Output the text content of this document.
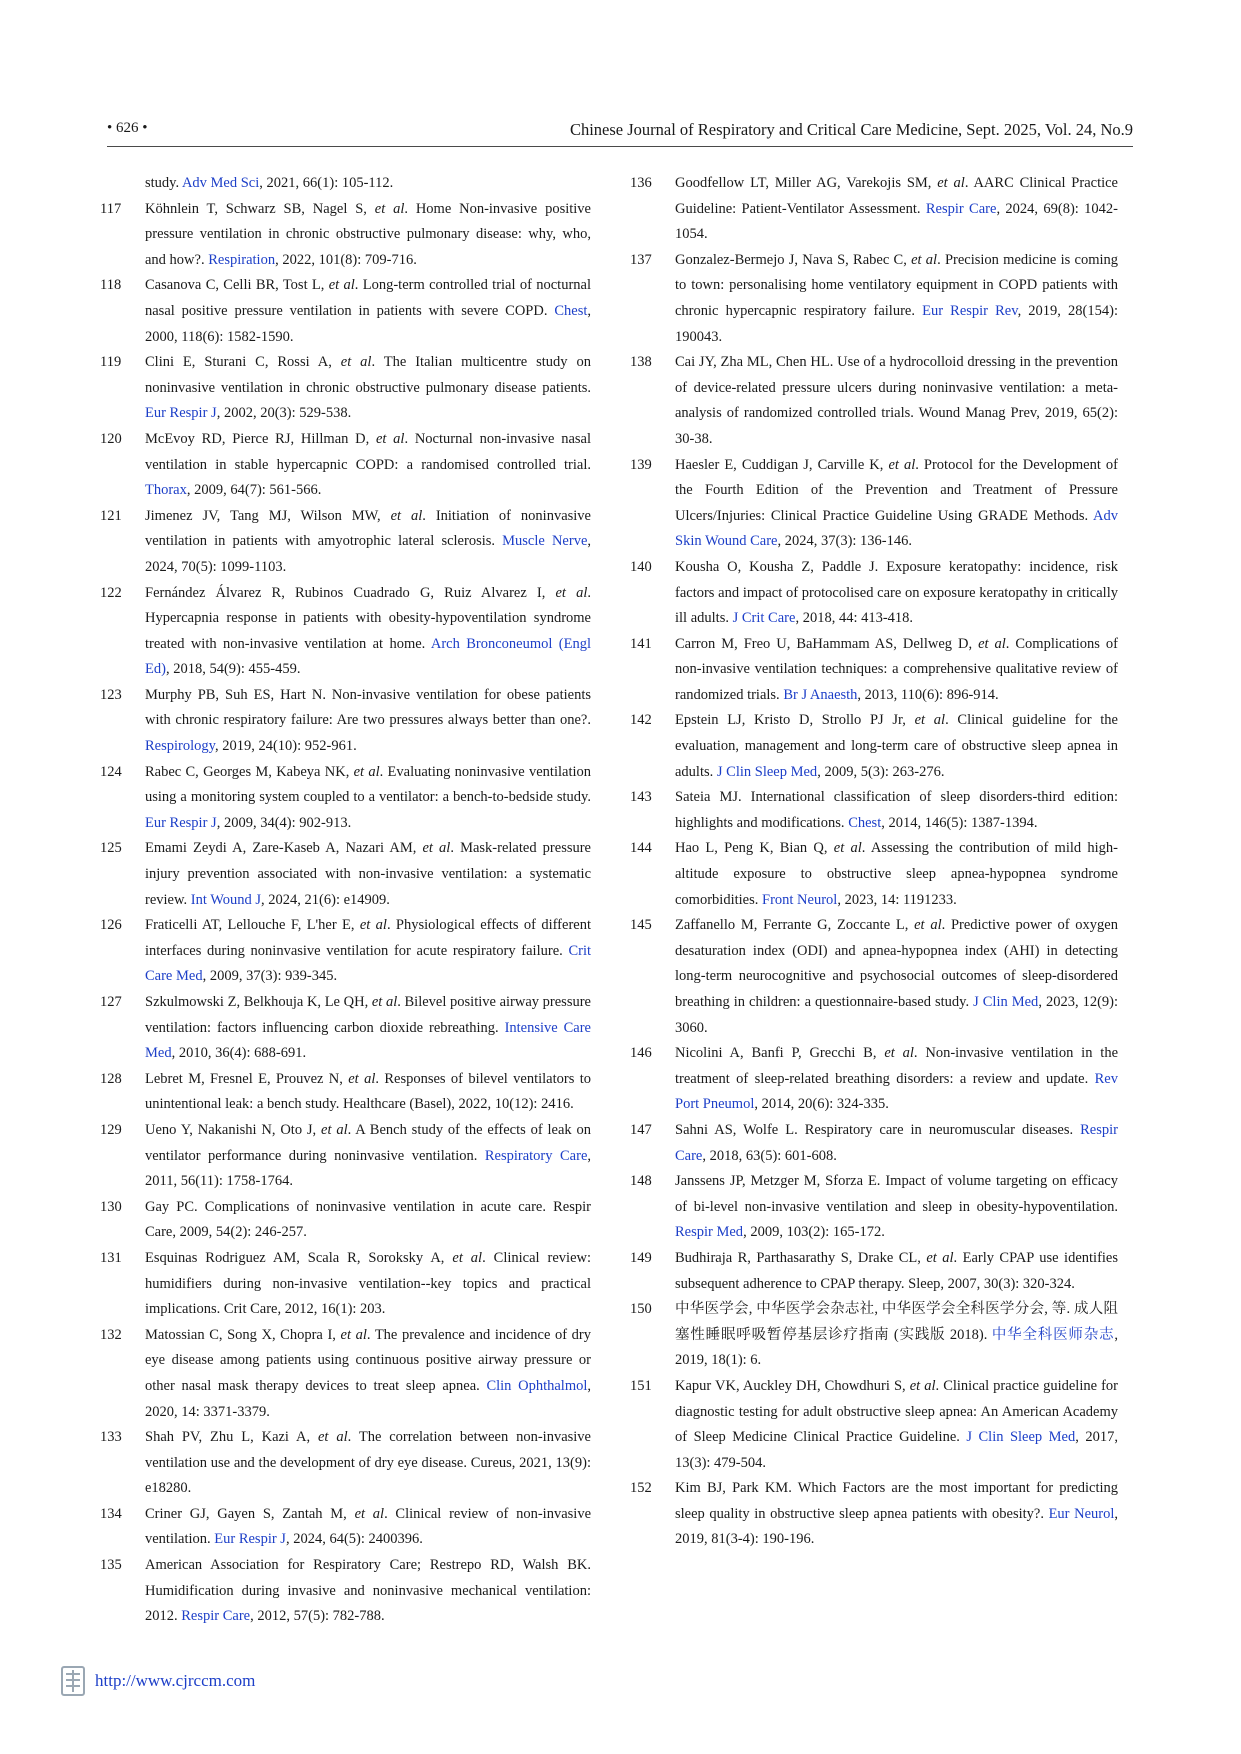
• 626 •	Chinese Journal of Respiratory and Critical Care Medicine, Sept. 2025, Vol. 24, No.9
study. Adv Med Sci, 2021, 66(1): 105-112.
117	Köhnlein T, Schwarz SB, Nagel S, et al. Home Non-invasive positive pressure ventilation in chronic obstructive pulmonary disease: why, who, and how?. Respiration, 2022, 101(8): 709-716.
118	Casanova C, Celli BR, Tost L, et al. Long-term controlled trial of nocturnal nasal positive pressure ventilation in patients with severe COPD. Chest, 2000, 118(6): 1582-1590.
119	Clini E, Sturani C, Rossi A, et al. The Italian multicentre study on noninvasive ventilation in chronic obstructive pulmonary disease patients. Eur Respir J, 2002, 20(3): 529-538.
120	McEvoy RD, Pierce RJ, Hillman D, et al. Nocturnal non-invasive nasal ventilation in stable hypercapnic COPD: a randomised controlled trial. Thorax, 2009, 64(7): 561-566.
121	Jimenez JV, Tang MJ, Wilson MW, et al. Initiation of noninvasive ventilation in patients with amyotrophic lateral sclerosis. Muscle Nerve, 2024, 70(5): 1099-1103.
122	Fernández Álvarez R, Rubinos Cuadrado G, Ruiz Alvarez I, et al. Hypercapnia response in patients with obesity-hypoventilation syndrome treated with non-invasive ventilation at home. Arch Bronconeumol (Engl Ed), 2018, 54(9): 455-459.
123	Murphy PB, Suh ES, Hart N. Non-invasive ventilation for obese patients with chronic respiratory failure: Are two pressures always better than one?. Respirology, 2019, 24(10): 952-961.
124	Rabec C, Georges M, Kabeya NK, et al. Evaluating noninvasive ventilation using a monitoring system coupled to a ventilator: a bench-to-bedside study. Eur Respir J, 2009, 34(4): 902-913.
125	Emami Zeydi A, Zare-Kaseb A, Nazari AM, et al. Mask-related pressure injury prevention associated with non-invasive ventilation: a systematic review. Int Wound J, 2024, 21(6): e14909.
126	Fraticelli AT, Lellouche F, L'her E, et al. Physiological effects of different interfaces during noninvasive ventilation for acute respiratory failure. Crit Care Med, 2009, 37(3): 939-345.
127	Szkulmowski Z, Belkhouja K, Le QH, et al. Bilevel positive airway pressure ventilation: factors influencing carbon dioxide rebreathing. Intensive Care Med, 2010, 36(4): 688-691.
128	Lebret M, Fresnel E, Prouvez N, et al. Responses of bilevel ventilators to unintentional leak: a bench study. Healthcare (Basel), 2022, 10(12): 2416.
129	Ueno Y, Nakanishi N, Oto J, et al. A Bench study of the effects of leak on ventilator performance during noninvasive ventilation. Respiratory Care, 2011, 56(11): 1758-1764.
130	Gay PC. Complications of noninvasive ventilation in acute care. Respir Care, 2009, 54(2): 246-257.
131	Esquinas Rodriguez AM, Scala R, Soroksky A, et al. Clinical review: humidifiers during non-invasive ventilation--key topics and practical implications. Crit Care, 2012, 16(1): 203.
132	Matossian C, Song X, Chopra I, et al. The prevalence and incidence of dry eye disease among patients using continuous positive airway pressure or other nasal mask therapy devices to treat sleep apnea. Clin Ophthalmol, 2020, 14: 3371-3379.
133	Shah PV, Zhu L, Kazi A, et al. The correlation between non-invasive ventilation use and the development of dry eye disease. Cureus, 2021, 13(9): e18280.
134	Criner GJ, Gayen S, Zantah M, et al. Clinical review of non-invasive ventilation. Eur Respir J, 2024, 64(5): 2400396.
135	American Association for Respiratory Care; Restrepo RD, Walsh BK. Humidification during invasive and noninvasive mechanical ventilation: 2012. Respir Care, 2012, 57(5): 782-788.
136	Goodfellow LT, Miller AG, Varekojis SM, et al. AARC Clinical Practice Guideline: Patient-Ventilator Assessment. Respir Care, 2024, 69(8): 1042-1054.
137	Gonzalez-Bermejo J, Nava S, Rabec C, et al. Precision medicine is coming to town: personalising home ventilatory equipment in COPD patients with chronic hypercapnic respiratory failure. Eur Respir Rev, 2019, 28(154): 190043.
138	Cai JY, Zha ML, Chen HL. Use of a hydrocolloid dressing in the prevention of device-related pressure ulcers during noninvasive ventilation: a meta-analysis of randomized controlled trials. Wound Manag Prev, 2019, 65(2): 30-38.
139	Haesler E, Cuddigan J, Carville K, et al. Protocol for the Development of the Fourth Edition of the Prevention and Treatment of Pressure Ulcers/Injuries: Clinical Practice Guideline Using GRADE Methods. Adv Skin Wound Care, 2024, 37(3): 136-146.
140	Kousha O, Kousha Z, Paddle J. Exposure keratopathy: incidence, risk factors and impact of protocolised care on exposure keratopathy in critically ill adults. J Crit Care, 2018, 44: 413-418.
141	Carron M, Freo U, BaHammam AS, Dellweg D, et al. Complications of non-invasive ventilation techniques: a comprehensive qualitative review of randomized trials. Br J Anaesth, 2013, 110(6): 896-914.
142	Epstein LJ, Kristo D, Strollo PJ Jr, et al. Clinical guideline for the evaluation, management and long-term care of obstructive sleep apnea in adults. J Clin Sleep Med, 2009, 5(3): 263-276.
143	Sateia MJ. International classification of sleep disorders-third edition: highlights and modifications. Chest, 2014, 146(5): 1387-1394.
144	Hao L, Peng K, Bian Q, et al. Assessing the contribution of mild high-altitude exposure to obstructive sleep apnea-hypopnea syndrome comorbidities. Front Neurol, 2023, 14: 1191233.
145	Zaffanello M, Ferrante G, Zoccante L, et al. Predictive power of oxygen desaturation index (ODI) and apnea-hypopnea index (AHI) in detecting long-term neurocognitive and psychosocial outcomes of sleep-disordered breathing in children: a questionnaire-based study. J Clin Med, 2023, 12(9): 3060.
146	Nicolini A, Banfi P, Grecchi B, et al. Non-invasive ventilation in the treatment of sleep-related breathing disorders: a review and update. Rev Port Pneumol, 2014, 20(6): 324-335.
147	Sahni AS, Wolfe L. Respiratory care in neuromuscular diseases. Respir Care, 2018, 63(5): 601-608.
148	Janssens JP, Metzger M, Sforza E. Impact of volume targeting on efficacy of bi-level non-invasive ventilation and sleep in obesity-hypoventilation. Respir Med, 2009, 103(2): 165-172.
149	Budhiraja R, Parthasarathy S, Drake CL, et al. Early CPAP use identifies subsequent adherence to CPAP therapy. Sleep, 2007, 30(3): 320-324.
150	中华医学会, 中华医学会杂志社, 中华医学会全科医学分会, 等. 成人阻塞性睡眠呼吸暂停基层诊疗指南 (实践版 2018). 中华全科医师杂志, 2019, 18(1): 6.
151	Kapur VK, Auckley DH, Chowdhuri S, et al. Clinical practice guideline for diagnostic testing for adult obstructive sleep apnea: An American Academy of Sleep Medicine Clinical Practice Guideline. J Clin Sleep Med, 2017, 13(3): 479-504.
152	Kim BJ, Park KM. Which Factors are the most important for predicting sleep quality in obstructive sleep apnea patients with obesity?. Eur Neurol, 2019, 81(3-4): 190-196.
http://www.cjrccm.com
